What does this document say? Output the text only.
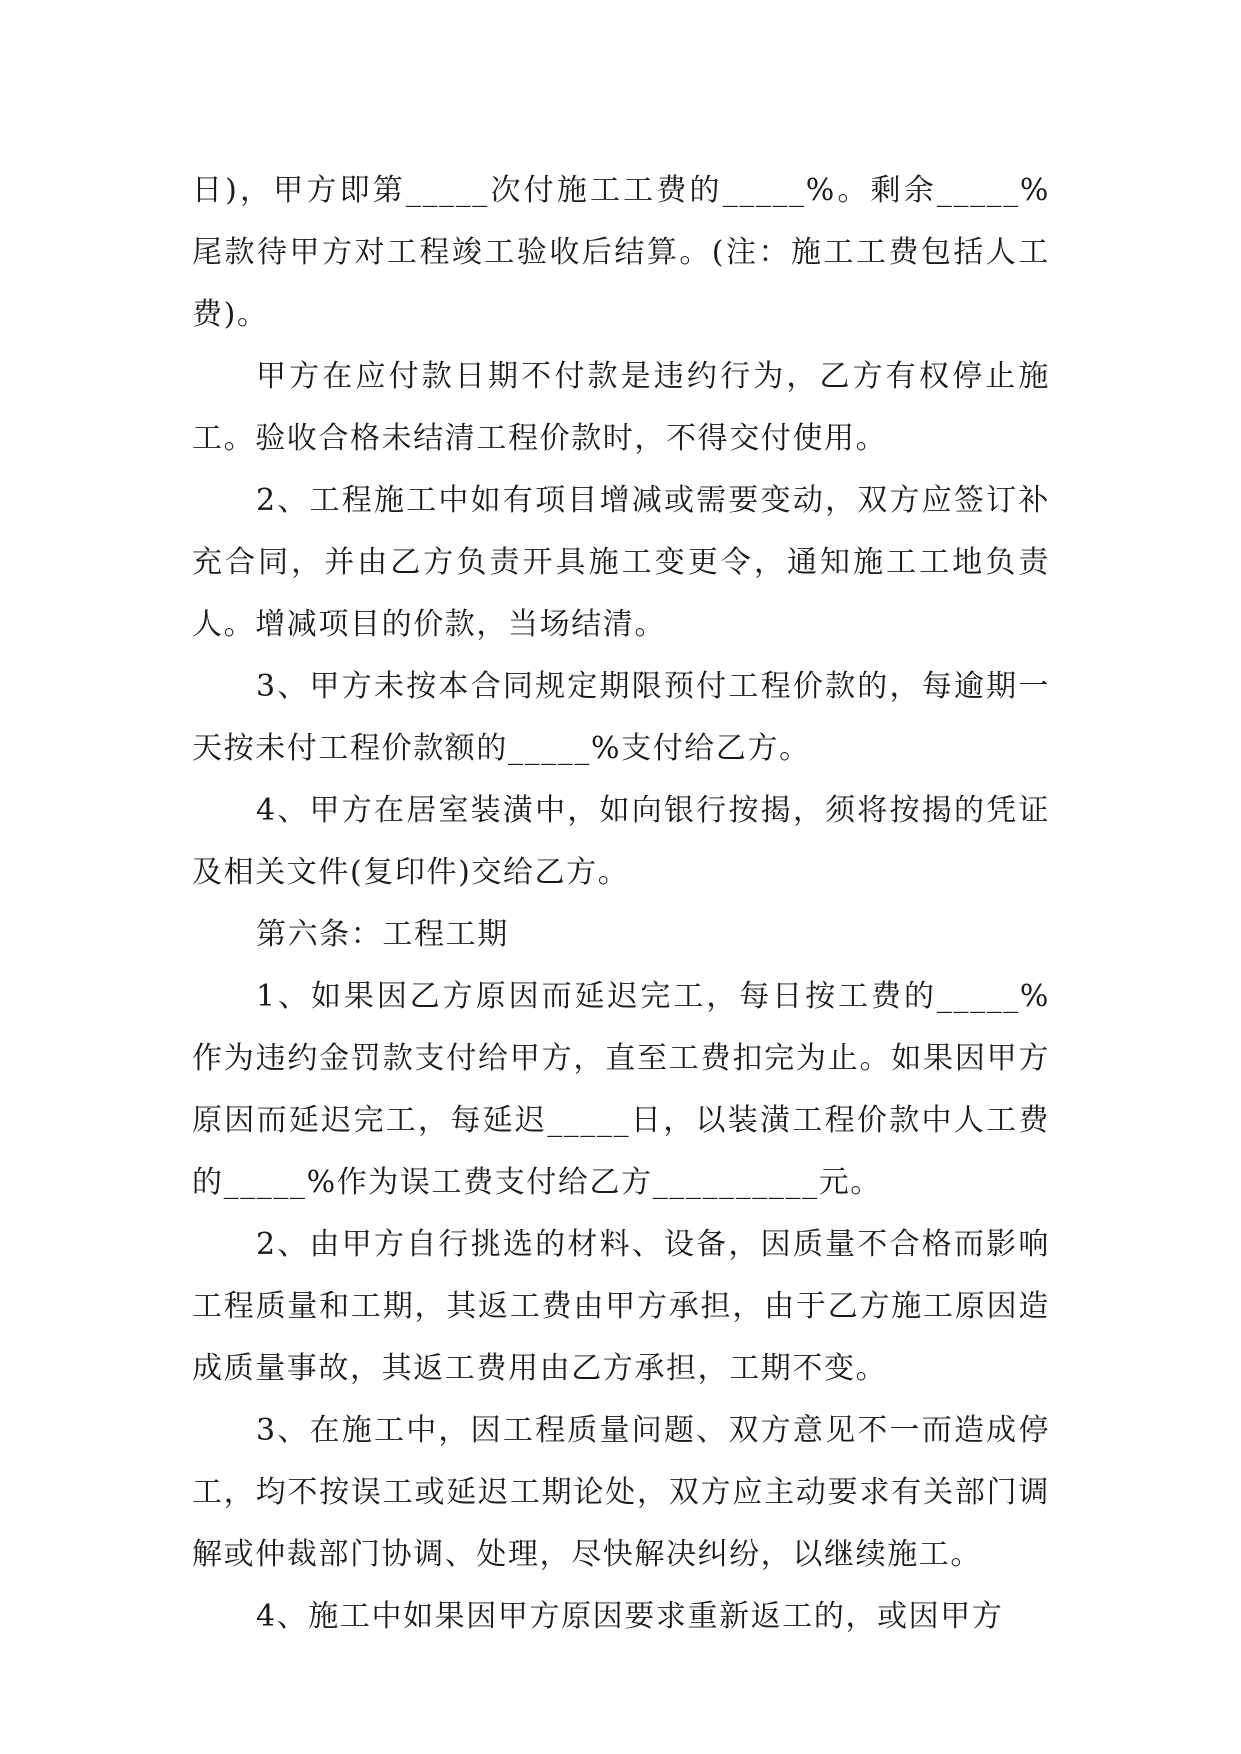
日)，甲方即第_____次付施工工费的_____%。剩余_____%尾款待甲方对工程竣工验收后结算。(注：施工工费包括人工费)。

甲方在应付款日期不付款是违约行为，乙方有权停止施工。验收合格未结清工程价款时，不得交付使用。

2、工程施工中如有项目增减或需要变动，双方应签订补充合同，并由乙方负责开具施工变更令，通知施工工地负责人。增减项目的价款，当场结清。

3、甲方未按本合同规定期限预付工程价款的，每逾期一天按未付工程价款额的_____%支付给乙方。

4、甲方在居室装潢中，如向银行按揭，须将按揭的凭证及相关文件(复印件)交给乙方。

第六条：工程工期

1、如果因乙方原因而延迟完工，每日按工费的_____%作为违约金罚款支付给甲方，直至工费扣完为止。如果因甲方原因而延迟完工，每延迟_____日，以装潢工程价款中人工费的_____%作为误工费支付给乙方__________元。

2、由甲方自行挑选的材料、设备，因质量不合格而影响工程质量和工期，其返工费由甲方承担，由于乙方施工原因造成质量事故，其返工费用由乙方承担，工期不变。

3、在施工中，因工程质量问题、双方意见不一而造成停工，均不按误工或延迟工期论处，双方应主动要求有关部门调解或仲裁部门协调、处理，尽快解决纠纷，以继续施工。

4、施工中如果因甲方原因要求重新返工的，或因甲方
